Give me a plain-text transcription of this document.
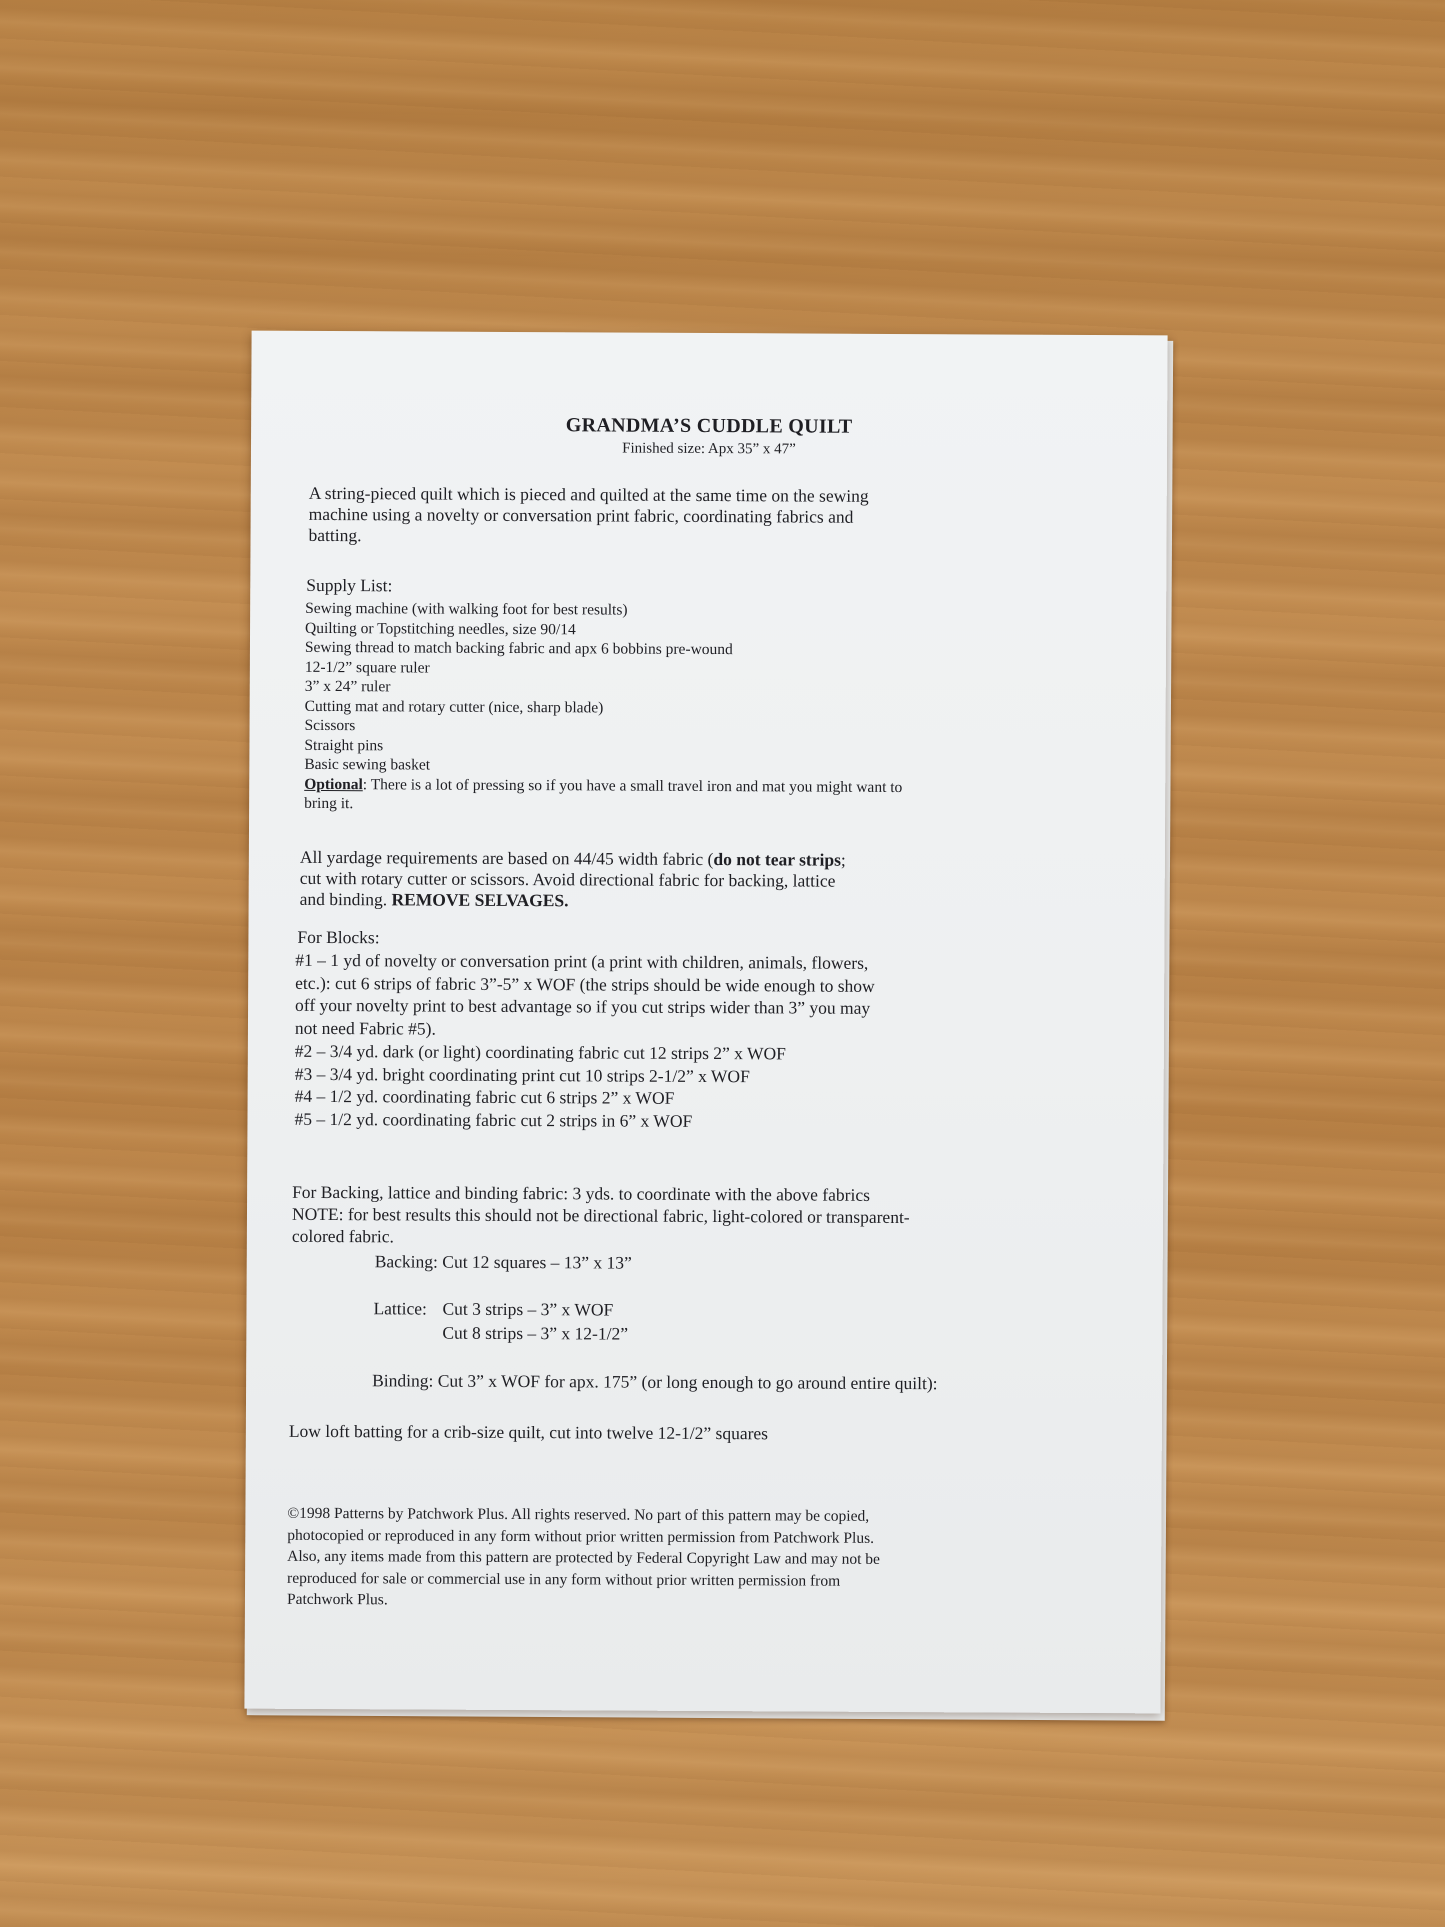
GRANDMA’S CUDDLE QUILT
Finished size: Apx 35” x 47”
A string-pieced quilt which is pieced and quilted at the same time on the sewing
machine using a novelty or conversation print fabric, coordinating fabrics and
batting.
Supply List:
Sewing machine (with walking foot for best results)
Quilting or Topstitching needles, size 90/14
Sewing thread to match backing fabric and apx 6 bobbins pre-wound
12-1/2” square ruler
3” x 24” ruler
Cutting mat and rotary cutter (nice, sharp blade)
Scissors
Straight pins
Basic sewing basket
Optional: There is a lot of pressing so if you have a small travel iron and mat you might want to
bring it.
All yardage requirements are based on 44/45 width fabric (do not tear strips;
cut with rotary cutter or scissors. Avoid directional fabric for backing, lattice
and binding. REMOVE SELVAGES.
For Blocks:
#1 – 1 yd of novelty or conversation print (a print with children, animals, flowers,
etc.): cut 6 strips of fabric 3”-5” x WOF (the strips should be wide enough to show
off your novelty print to best advantage so if you cut strips wider than 3” you may
not need Fabric #5).
#2 – 3/4 yd. dark (or light) coordinating fabric cut 12 strips 2” x WOF
#3 – 3/4 yd. bright coordinating print cut 10 strips 2-1/2” x WOF
#4 – 1/2 yd. coordinating fabric cut 6 strips 2” x WOF
#5 – 1/2 yd. coordinating fabric cut 2 strips in 6” x WOF
For Backing, lattice and binding fabric: 3 yds. to coordinate with the above fabrics
NOTE: for best results this should not be directional fabric, light-colored or transparent-
colored fabric.
Backing: Cut 12 squares – 13” x 13”
Lattice: Cut 3 strips – 3” x WOF
Cut 8 strips – 3” x 12-1/2”
Binding: Cut 3” x WOF for apx. 175” (or long enough to go around entire quilt):
Low loft batting for a crib-size quilt, cut into twelve 12-1/2” squares
©1998 Patterns by Patchwork Plus. All rights reserved. No part of this pattern may be copied,
photocopied or reproduced in any form without prior written permission from Patchwork Plus.
Also, any items made from this pattern are protected by Federal Copyright Law and may not be
reproduced for sale or commercial use in any form without prior written permission from
Patchwork Plus.
